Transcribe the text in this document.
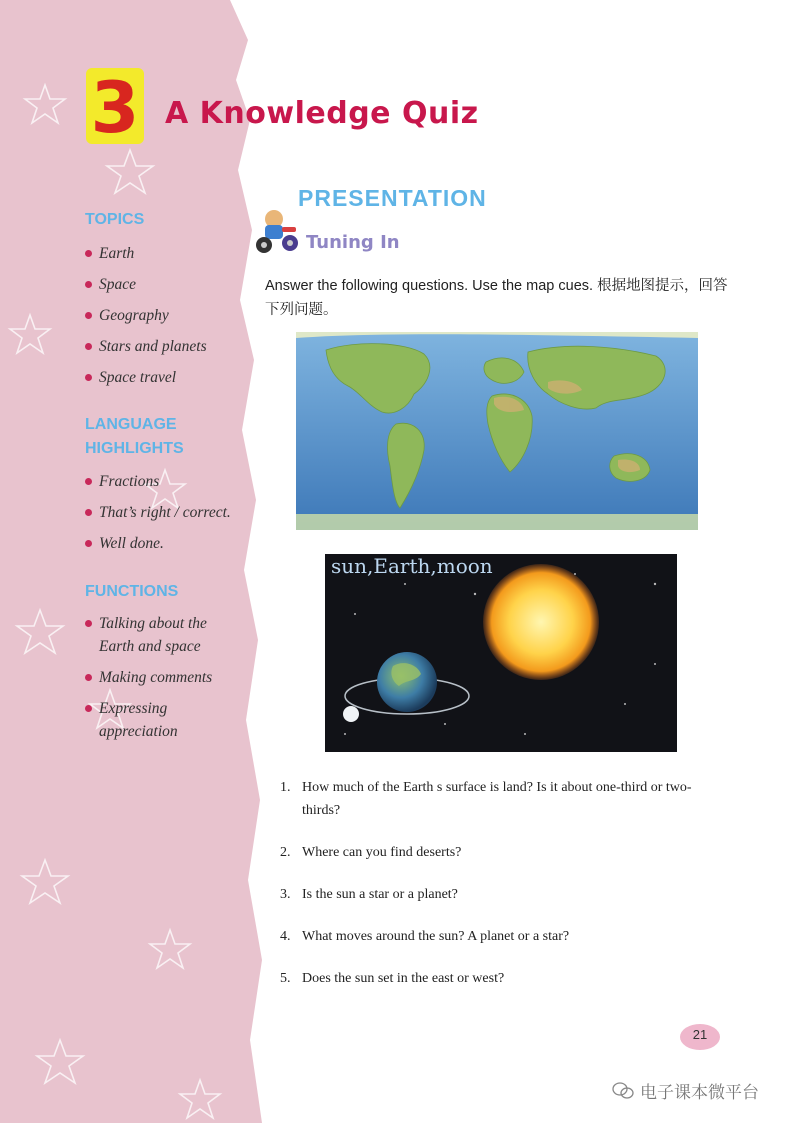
3 A Knowledge Quiz
TOPICS
Earth
Space
Geography
Stars and planets
Space travel
LANGUAGE
HIGHLIGHTS
Fractions
That’s right / correct.
Well done.
FUNCTIONS
Talking about the Earth and space
Making comments
Expressing appreciation
PRESENTATION
Tuning In
Answer the following questions. Use the map cues. 根据地图提示，回答下列问题。
sun,Earth,moon
1. How much of the Earth s surface is land? Is it about one-third or two-thirds?
2. Where can you find deserts?
3. Is the sun a star or a planet?
4. What moves around the sun? A planet or a star?
5. Does the sun set in the east or west?
21
电子课本微平台
